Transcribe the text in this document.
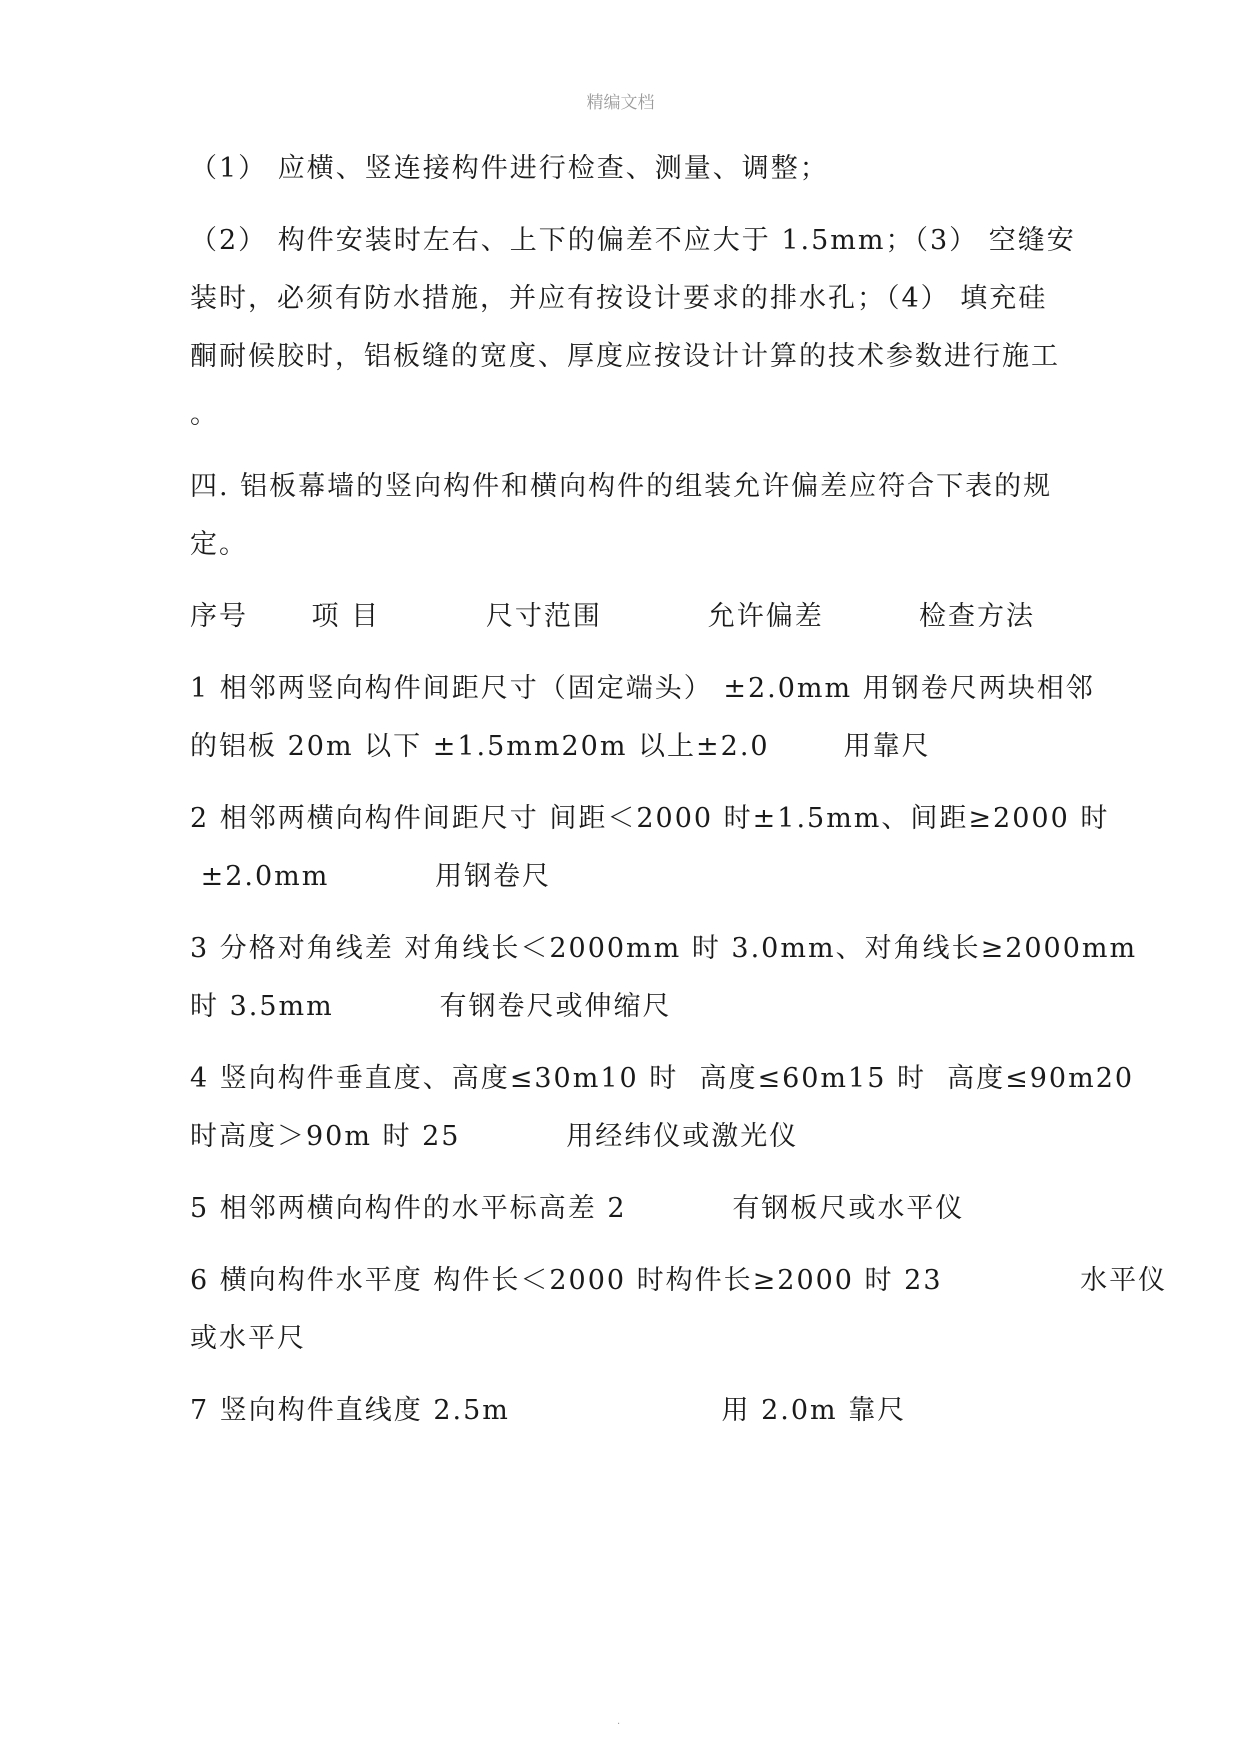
精编文档
（1） 应横、竖连接构件进行检查、测量、调整；
（2） 构件安装时左右、上下的偏差不应大于 1.5mm；（3） 空缝安
装时，必须有防水措施，并应有按设计要求的排水孔；（4） 填充硅
酮耐候胶时，铝板缝的宽度、厚度应按设计计算的技术参数进行施工
。
四. 铝板幕墙的竖向构件和横向构件的组装允许偏差应符合下表的规
定。
序号      项 目          尺寸范围          允许偏差         检查方法
1 相邻两竖向构件间距尺寸（固定端头） ±2.0mm 用钢卷尺两块相邻
的铝板 20m 以下 ±1.5mm20m 以上±2.0       用靠尺
2 相邻两横向构件间距尺寸 间距＜2000 时±1.5mm、间距≥2000 时
±2.0mm          用钢卷尺
3 分格对角线差 对角线长＜2000mm 时 3.0mm、对角线长≥2000mm
时 3.5mm          有钢卷尺或伸缩尺
4 竖向构件垂直度、高度≤30m10 时  高度≤60m15 时  高度≤90m20
时高度＞90m 时 25          用经纬仪或激光仪
5 相邻两横向构件的水平标高差 2          有钢板尺或水平仪
6 横向构件水平度 构件长＜2000 时构件长≥2000 时 23             水平仪
或水平尺
7 竖向构件直线度 2.5m                    用 2.0m 靠尺
.
